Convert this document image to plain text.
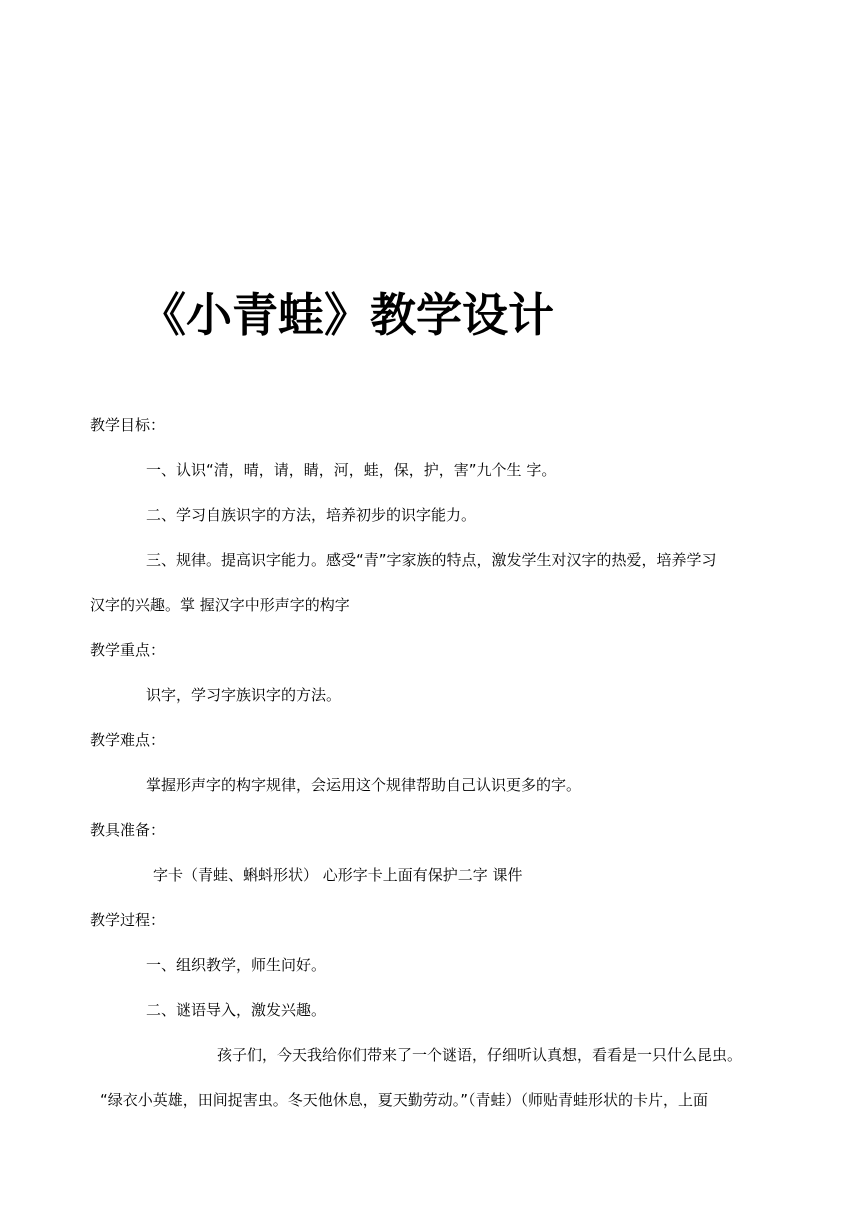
《小青蛙》教学设计
教学目标：
一、认识“清，晴，请，睛，河，蛙，保，护，害”九个生 字。
二、学习自族识字的方法，培养初步的识字能力。
三、规律。提高识字能力。感受“青”字家族的特点，激发学生对汉字的热爱，培养学习
汉字的兴趣。掌 握汉字中形声字的构字
教学重点：
识字，学习字族识字的方法。
教学难点：
掌握形声字的构字规律，会运用这个规律帮助自己认识更多的字。
教具准备：
字卡（青蛙、蝌蚪形状） 心形字卡上面有保护二字 课件
教学过程：
一、组织教学，师生问好。
二、谜语导入，激发兴趣。
孩子们，今天我给你们带来了一个谜语，仔细听认真想，看看是一只什么昆虫。
“绿衣小英雄，田间捉害虫。冬天他休息，夏天勤劳动。”（青蛙）（师贴青蛙形状的卡片，上面
